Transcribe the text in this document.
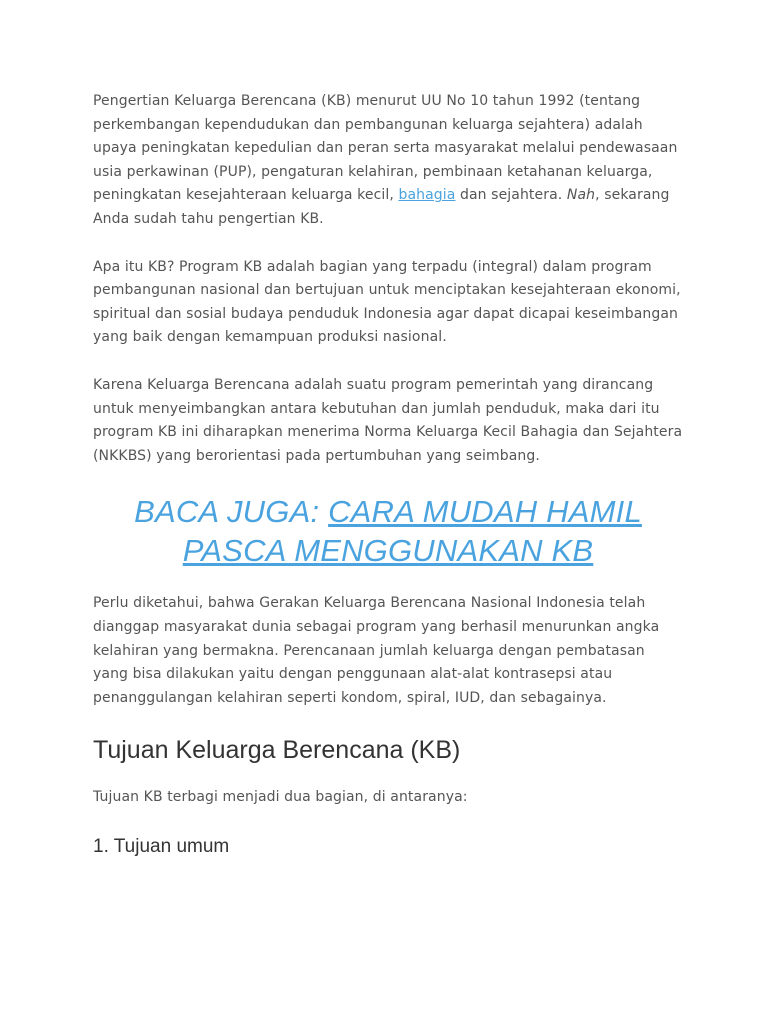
Pengertian Keluarga Berencana (KB) menurut UU No 10 tahun 1992 (tentang perkembangan kependudukan dan pembangunan keluarga sejahtera) adalah upaya peningkatan kepedulian dan peran serta masyarakat melalui pendewasaan usia perkawinan (PUP), pengaturan kelahiran, pembinaan ketahanan keluarga, peningkatan kesejahteraan keluarga kecil, bahagia dan sejahtera. Nah, sekarang Anda sudah tahu pengertian KB.

Apa itu KB? Program KB adalah bagian yang terpadu (integral) dalam program pembangunan nasional dan bertujuan untuk menciptakan kesejahteraan ekonomi, spiritual dan sosial budaya penduduk Indonesia agar dapat dicapai keseimbangan yang baik dengan kemampuan produksi nasional.

Karena Keluarga Berencana adalah suatu program pemerintah yang dirancang untuk menyeimbangkan antara kebutuhan dan jumlah penduduk, maka dari itu program KB ini diharapkan menerima Norma Keluarga Kecil Bahagia dan Sejahtera (NKKBS) yang berorientasi pada pertumbuhan yang seimbang.

BACA JUGA: CARA MUDAH HAMIL PASCA MENGGUNAKAN KB

Perlu diketahui, bahwa Gerakan Keluarga Berencana Nasional Indonesia telah dianggap masyarakat dunia sebagai program yang berhasil menurunkan angka kelahiran yang bermakna. Perencanaan jumlah keluarga dengan pembatasan yang bisa dilakukan yaitu dengan penggunaan alat-alat kontrasepsi atau penanggulangan kelahiran seperti kondom, spiral, IUD, dan sebagainya.

Tujuan Keluarga Berencana (KB)

Tujuan KB terbagi menjadi dua bagian, di antaranya:

1. Tujuan umum
